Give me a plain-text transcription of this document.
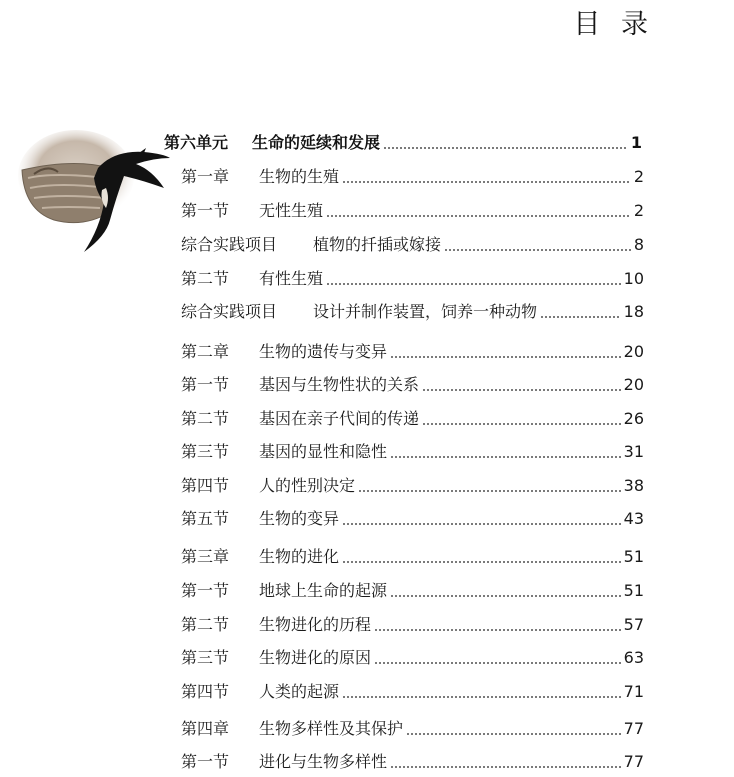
目 录
第六单元	生命的延续和发展	1
第一章	生物的生殖	2
第一节	无性生殖	2
综合实践项目	植物的扦插或嫁接	8
第二节	有性生殖	10
综合实践项目	设计并制作装置，饲养一种动物	18
第二章	生物的遗传与变异	20
第一节	基因与生物性状的关系	20
第二节	基因在亲子代间的传递	26
第三节	基因的显性和隐性	31
第四节	人的性别决定	38
第五节	生物的变异	43
第三章	生物的进化	51
第一节	地球上生命的起源	51
第二节	生物进化的历程	57
第三节	生物进化的原因	63
第四节	人类的起源	71
第四章	生物多样性及其保护	77
第一节	进化与生物多样性	77
